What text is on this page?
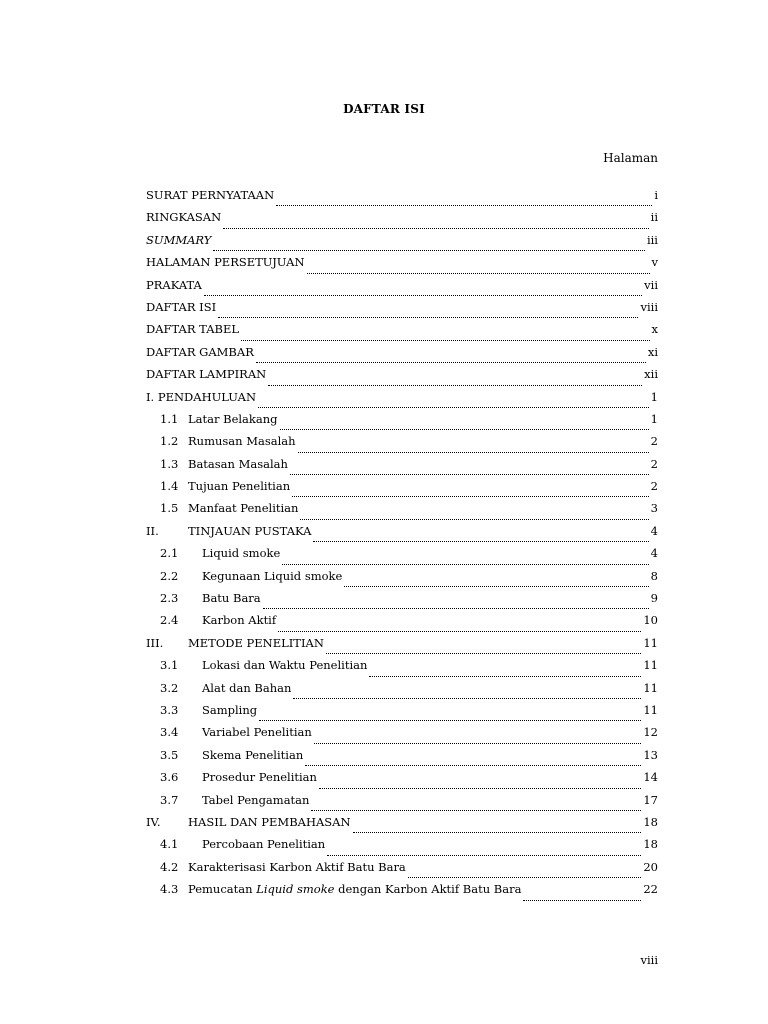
DAFTAR ISI
Halaman
SURAT PERNYATAAN	i
RINGKASAN	ii
SUMMARY	iii
HALAMAN PERSETUJUAN	v
PRAKATA	vii
DAFTAR ISI	viii
DAFTAR TABEL	x
DAFTAR GAMBAR	xi
DAFTAR LAMPIRAN	xii
I. PENDAHULUAN	1
1.1 Latar Belakang	1
1.2 Rumusan Masalah	2
1.3 Batasan Masalah	2
1.4 Tujuan Penelitian	2
1.5 Manfaat Penelitian	3
II.	TINJAUAN PUSTAKA	4
2.1	Liquid smoke	4
2.2	Kegunaan Liquid smoke	8
2.3	Batu Bara	9
2.4	Karbon Aktif	10
III.	METODE PENELITIAN	11
3.1	Lokasi dan Waktu Penelitian	11
3.2	Alat dan Bahan	11
3.3	Sampling	11
3.4	Variabel Penelitian	12
3.5	Skema Penelitian	13
3.6	Prosedur Penelitian	14
3.7	Tabel Pengamatan	17
IV.	HASIL DAN PEMBAHASAN	18
4.1	Percobaan Penelitian	18
4.2 Karakterisasi Karbon Aktif Batu Bara	20
4.3 Pemucatan Liquid smoke dengan Karbon Aktif Batu Bara	22
viii
